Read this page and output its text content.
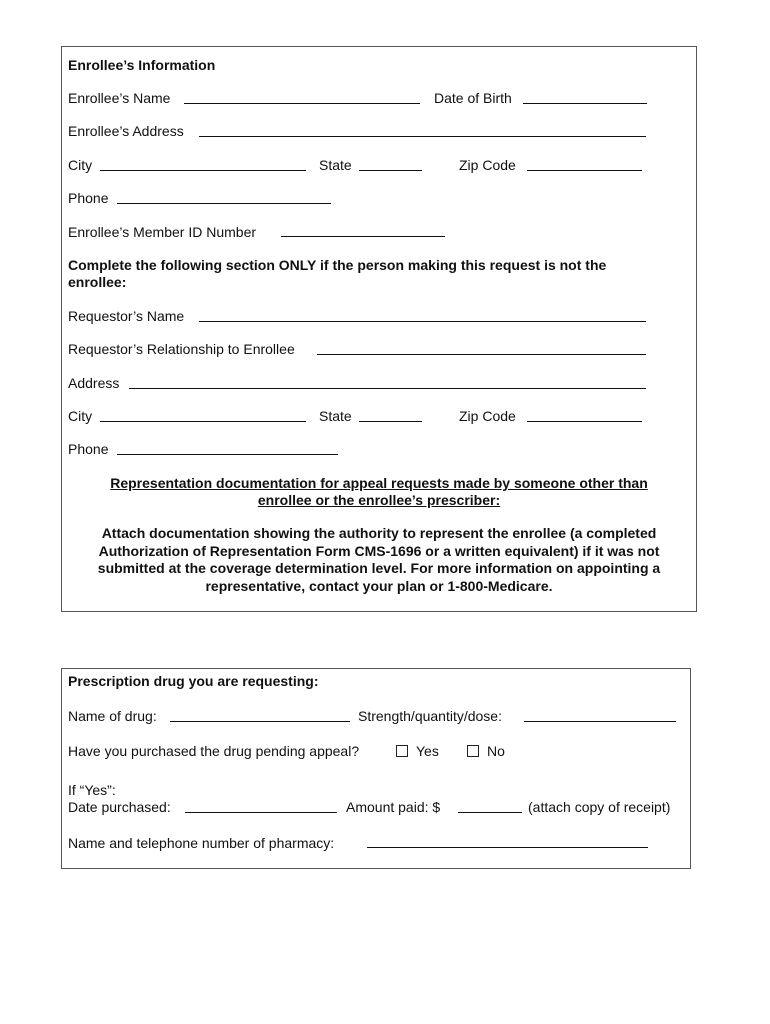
Enrollee’s Information
Enrollee’s Name	Date of Birth
Enrollee’s Address
City	State	Zip Code
Phone
Enrollee’s Member ID Number
Complete the following section ONLY if the person making this request is not the enrollee:
Requestor’s Name
Requestor’s Relationship to Enrollee
Address
City	State	Zip Code
Phone
Representation documentation for appeal requests made by someone other than enrollee or the enrollee’s prescriber:
Attach documentation showing the authority to represent the enrollee (a completed Authorization of Representation Form CMS-1696 or a written equivalent) if it was not submitted at the coverage determination level. For more information on appointing a representative, contact your plan or 1-800-Medicare.
Prescription drug you are requesting:
Name of drug:	Strength/quantity/dose:
Have you purchased the drug pending appeal?	Yes	No
If “Yes”:
Date purchased:	Amount paid: $	(attach copy of receipt)
Name and telephone number of pharmacy:
